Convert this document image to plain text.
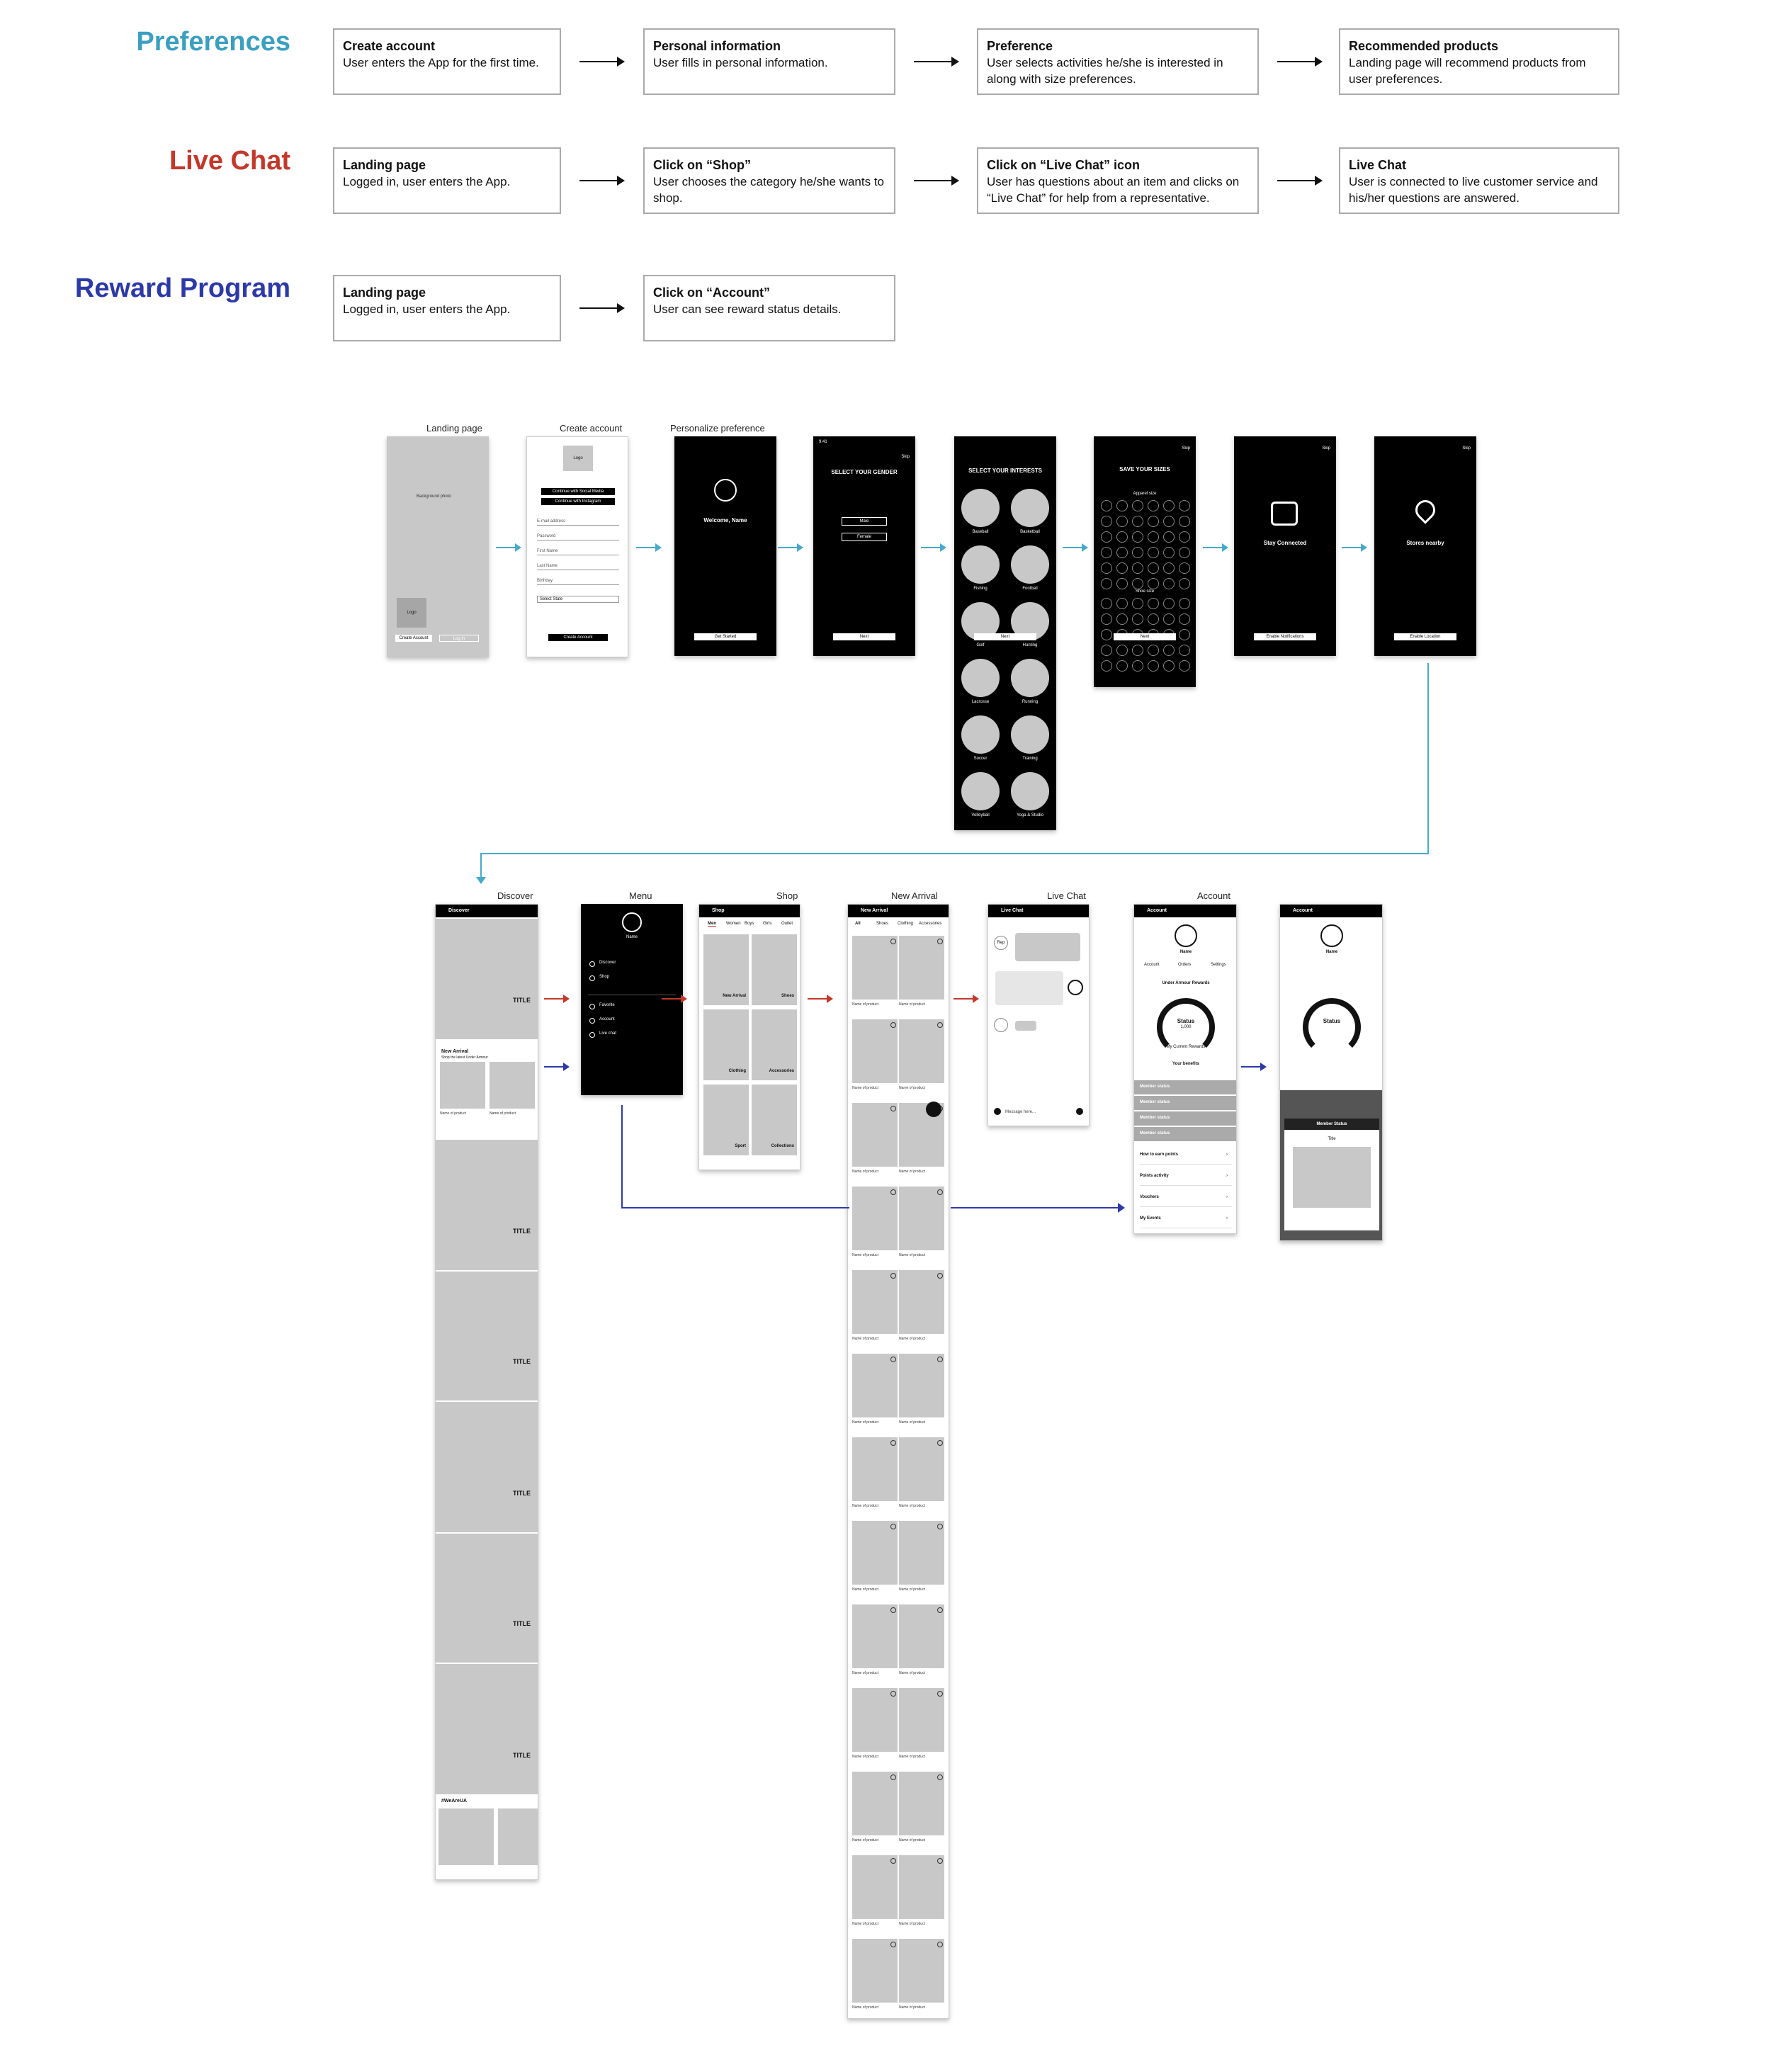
Preferences	Create account
User enters the App for the first time.
Personal information
User fills in personal information.
Preference
User selects activities he/she is interested in along with size preferences.
Recommended products
Landing page will recommend products from user preferences.
Live Chat	Landing page
Logged in, user enters the App.
Click on “Shop”
User chooses the category he/she wants to shop.
Click on “Live Chat” icon
User has questions about an item and clicks on “Live Chat” for help from a representative.
Live Chat
User is connected to live customer service and his/her questions are answered.
Reward Program	Landing page
Logged in, user enters the App.
Click on “Account”
User can see reward status details.
Landing page	Create account	Personalize preference
Background photo
Logo
Create Account	Log in
Logo
Continue with Social Media
Continue with Instagram
E-mail address
Password
First Name
Last Name
Birthday
Select State
Create Account
Welcome, Name
Get Started
9:41
Skip
SELECT YOUR GENDER
Male
Female
Next
SELECT YOUR INTERESTS
Baseball	Basketball
Fishing	Football
Golf	Hunting
Lacrosse	Running
Soccer	Training
Volleyball	Yoga & Studio
Next
Skip
SAVE YOUR SIZES
Apparel size
Shoe size
Next
Skip
Stay Connected
Enable Notifications
Skip
Stores nearby
Enable Location
Discover	Menu	Shop	New Arrival	Live Chat	Account
Discover
TITLE
TITLE
TITLE
TITLE
TITLE
TITLE
New Arrival
Shop the latest Under Armour
Name of product	Name of product
#WeAreUA
Name
Discover
Shop
Favorite
Account
Live chat
Shop
Men Women Boys Girls Outlet
New Arrival	Shoes
Clothing	Accessories
Sport	Collections
New Arrival
All	Shoes Clothing Accessories
Name of product	Name of product
Name of product	Name of product
Name of product	Name of product
Name of product	Name of product
Name of product	Name of product
Name of product	Name of product
Name of product	Name of product
Name of product	Name of product
Name of product	Name of product
Name of product	Name of product
Name of product	Name of product
Name of product	Name of product
Name of product	Name of product
Live Chat
Rep
Message here...
Account
Name
Account	Orders	Settings
Under Armour Rewards
Status
1,000
My Current Rewards
Your benefits
Member status
Member status
Member status
Member status
How to earn points	›
Points activity	›
Vouchers	›
My Events	›
Account
Name
Status
Member Status
Title
